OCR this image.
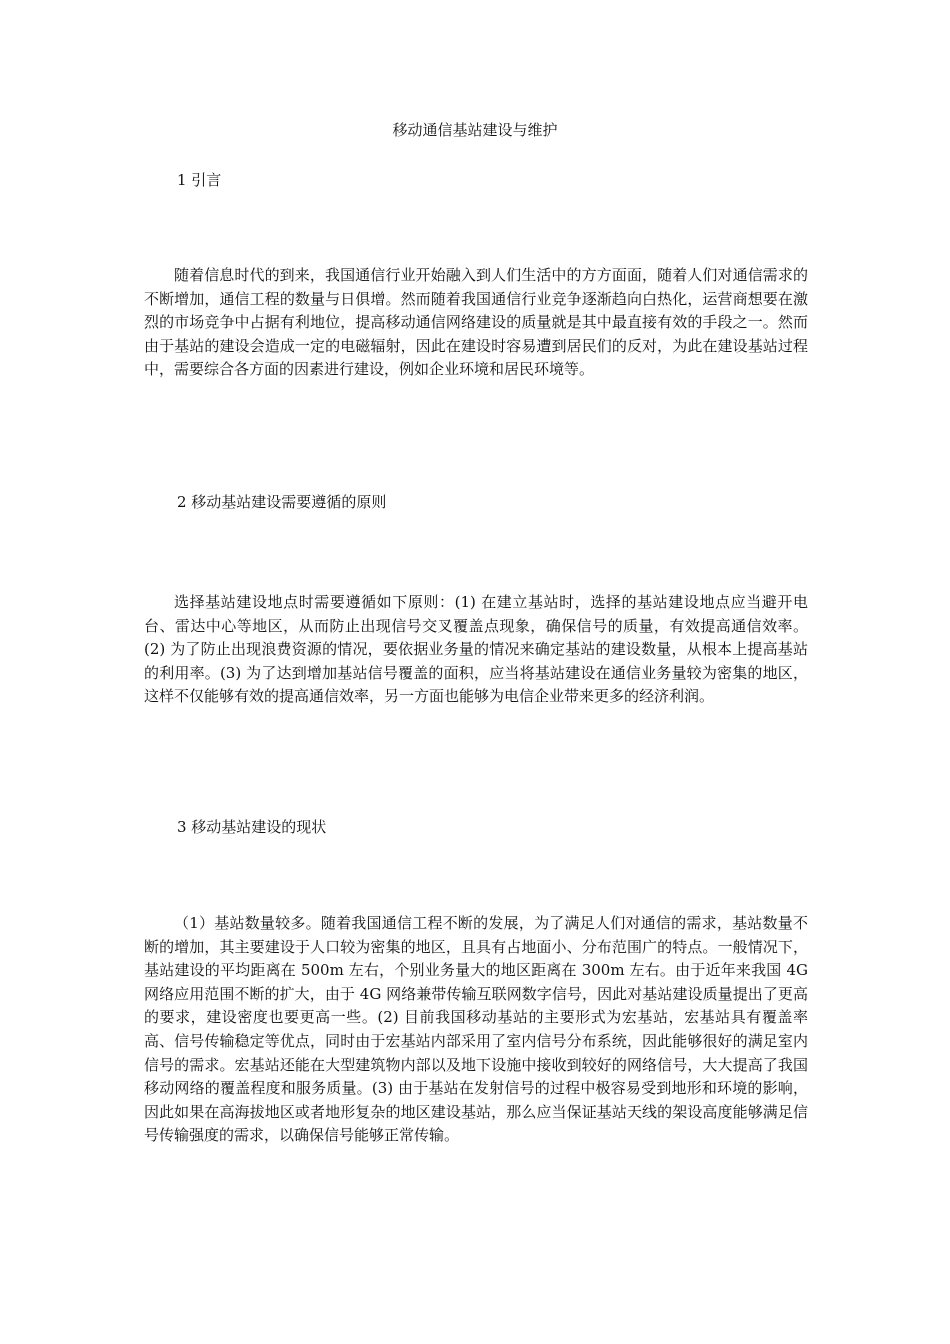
移动通信基站建设与维护
1 引言
随着信息时代的到来，我国通信行业开始融入到人们生活中的方方面面，随着人们对通信需求的不断增加，通信工程的数量与日俱增。然而随着我国通信行业竞争逐渐趋向白热化，运营商想要在激烈的市场竞争中占据有利地位，提高移动通信网络建设的质量就是其中最直接有效的手段之一。然而由于基站的建设会造成一定的电磁辐射，因此在建设时容易遭到居民们的反对，为此在建设基站过程中，需要综合各方面的因素进行建设，例如企业环境和居民环境等。
2 移动基站建设需要遵循的原则
选择基站建设地点时需要遵循如下原则：(1) 在建立基站时，选择的基站建设地点应当避开电台、雷达中心等地区，从而防止出现信号交叉覆盖点现象，确保信号的质量，有效提高通信效率。(2) 为了防止出现浪费资源的情况，要依据业务量的情况来确定基站的建设数量，从根本上提高基站的利用率。(3) 为了达到增加基站信号覆盖的面积，应当将基站建设在通信业务量较为密集的地区，这样不仅能够有效的提高通信效率，另一方面也能够为电信企业带来更多的经济利润。
3 移动基站建设的现状
（1）基站数量较多。随着我国通信工程不断的发展，为了满足人们对通信的需求，基站数量不断的增加，其主要建设于人口较为密集的地区，且具有占地面小、分布范围广的特点。一般情况下，基站建设的平均距离在 500m 左右，个别业务量大的地区距离在 300m 左右。由于近年来我国 4G 网络应用范围不断的扩大，由于 4G 网络兼带传输互联网数字信号，因此对基站建设质量提出了更高的要求，建设密度也要更高一些。(2) 目前我国移动基站的主要形式为宏基站，宏基站具有覆盖率高、信号传输稳定等优点，同时由于宏基站内部采用了室内信号分布系统，因此能够很好的满足室内信号的需求。宏基站还能在大型建筑物内部以及地下设施中接收到较好的网络信号，大大提高了我国移动网络的覆盖程度和服务质量。(3) 由于基站在发射信号的过程中极容易受到地形和环境的影响，因此如果在高海拔地区或者地形复杂的地区建设基站，那么应当保证基站天线的架设高度能够满足信号传输强度的需求，以确保信号能够正常传输。
